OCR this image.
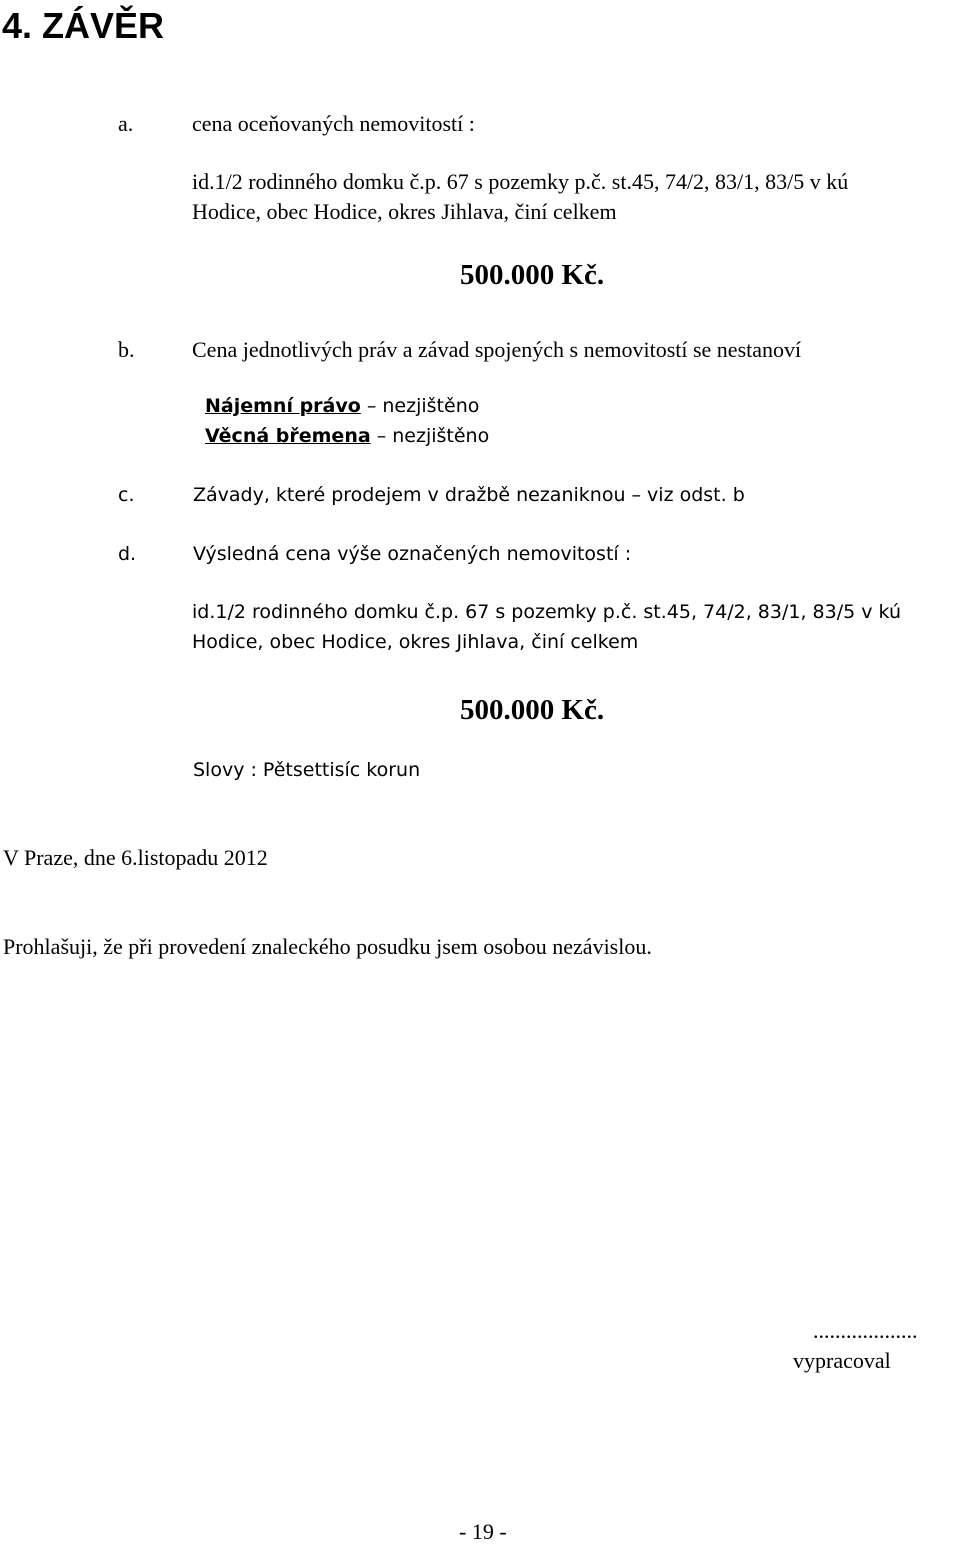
4. ZÁVĚR
a.	cena oceňovaných nemovitostí :
id.1/2 rodinného domku č.p. 67 s pozemky p.č. st.45, 74/2, 83/1, 83/5 v kú
Hodice, obec Hodice, okres Jihlava, činí celkem
500.000 Kč.
b.	Cena jednotlivých práv a závad spojených s nemovitostí se nestanoví
Nájemní právo – nezjištěno
Věcná břemena – nezjištěno
c.	Závady, které prodejem v dražbě nezaniknou – viz odst. b
d.	Výsledná cena výše označených nemovitostí :
id.1/2 rodinného domku č.p. 67 s pozemky p.č. st.45, 74/2, 83/1, 83/5 v kú
Hodice, obec Hodice, okres Jihlava, činí celkem
500.000 Kč.
Slovy : Pětsettisíc korun
V Praze, dne 6.listopadu 2012
Prohlašuji, že při provedení znaleckého posudku jsem osobou nezávislou.
...................
vypracoval
- 19 -
